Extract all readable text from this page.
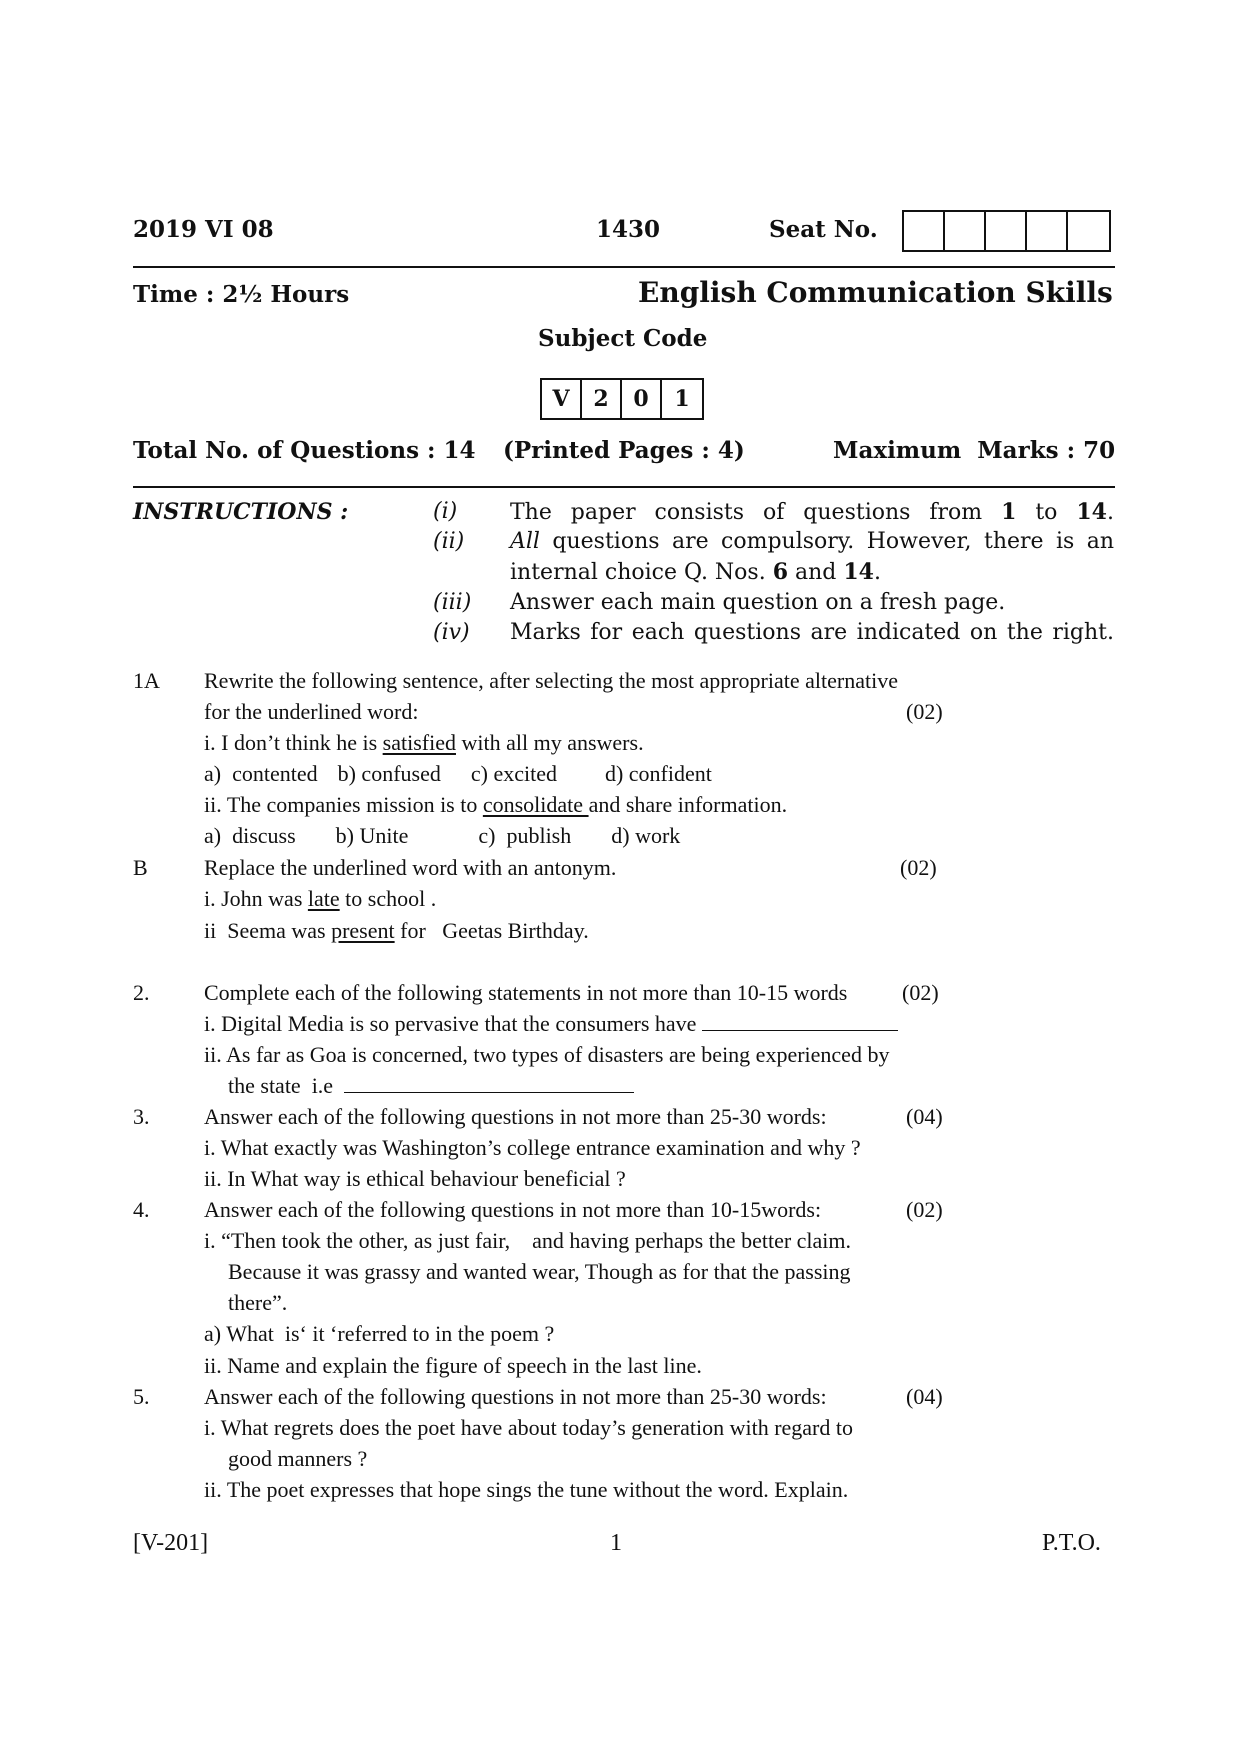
2019 VI 08	1430	Seat No.
Time : 2½ Hours	English Communication Skills
Subject Code
V	2	0	1
Total No. of Questions : 14 (Printed Pages : 4)	Maximum  Marks : 70
INSTRUCTIONS :	(i) The paper consists of questions from 1 to 14.
(ii) All questions are compulsory. However, there is an
internal choice Q. Nos. 6 and 14.
(iii) Answer each main question on a fresh page.
(iv) Marks for each questions are indicated on the right.
1A Rewrite the following sentence, after selecting the most appropriate alternative
for the underlined word:	(02)
i. I don’t think he is satisfied with all my answers.
a)  contented b) confused c) excited d) confident
ii. The companies mission is to consolidate and share information.
a)  discuss b) Unite	c)  publish d) work
B	Replace the underlined word with an antonym.	(02)
i. John was late to school .
ii  Seema was present for   Geetas Birthday.
2. Complete each of the following statements in not more than 10-15 words (02)
i. Digital Media is so pervasive that the consumers have
ii. As far as Goa is concerned, two types of disasters are being experienced by
the state  i.e
3. Answer each of the following questions in not more than 25-30 words:	(04)
i. What exactly was Washington’s college entrance examination and why ?
ii. In What way is ethical behaviour beneficial ?
4. Answer each of the following questions in not more than 10-15words:	(02)
i. “Then took the other, as just fair,    and having perhaps the better claim.
Because it was grassy and wanted wear, Though as for that the passing
there”.
a) What  is‘ it ‘referred to in the poem ?
ii. Name and explain the figure of speech in the last line.
5. Answer each of the following questions in not more than 25-30 words:	(04)
i. What regrets does the poet have about today’s generation with regard to
good manners ?
ii. The poet expresses that hope sings the tune without the word. Explain.
[V-201]	1	P.T.O.
